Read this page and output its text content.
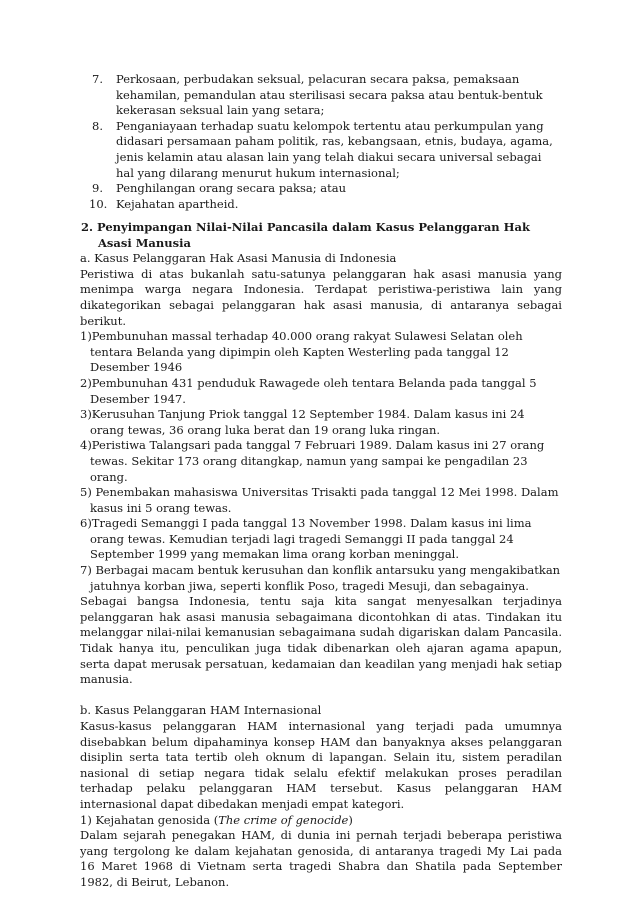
7.	Perkosaan, perbudakan seksual, pelacuran secara paksa, pemaksaan kehamilan, pemandulan atau sterilisasi secara paksa atau bentuk-bentuk kekerasan seksual lain yang setara;
8.	Penganiayaan terhadap suatu kelompok tertentu atau perkumpulan yang didasari persamaan paham politik, ras, kebangsaan, etnis, budaya, agama, jenis kelamin atau alasan lain yang telah diakui secara universal sebagai hal yang dilarang menurut hukum internasional;
9.	Penghilangan orang secara paksa; atau
10. Kejahatan apartheid.
2. Penyimpangan Nilai-Nilai Pancasila dalam Kasus Pelanggaran Hak
Asasi Manusia
a. Kasus Pelanggaran Hak Asasi Manusia di Indonesia
Peristiwa di atas bukanlah satu-satunya pelanggaran hak asasi manusia yang menimpa warga negara Indonesia. Terdapat peristiwa-peristiwa lain yang dikategorikan sebagai pelanggaran hak asasi manusia, di antaranya sebagai berikut.
1)Pembunuhan massal terhadap 40.000 orang rakyat Sulawesi Selatan oleh tentara Belanda yang dipimpin oleh Kapten Westerling pada tanggal 12 Desember 1946
2)Pembunuhan 431 penduduk Rawagede oleh tentara Belanda pada tanggal 5 Desember 1947.
3)Kerusuhan Tanjung Priok tanggal 12 September 1984. Dalam kasus ini 24 orang tewas, 36 orang luka berat dan 19 orang luka ringan.
4)Peristiwa Talangsari pada tanggal 7 Februari 1989. Dalam kasus ini 27 orang tewas. Sekitar 173 orang ditangkap, namun yang sampai ke pengadilan 23 orang.
5) Penembakan mahasiswa Universitas Trisakti pada tanggal 12 Mei 1998. Dalam kasus ini 5 orang tewas.
6)Tragedi Semanggi I pada tanggal 13 November 1998. Dalam kasus ini lima orang tewas. Kemudian terjadi lagi tragedi Semanggi II pada tanggal 24 September 1999 yang memakan lima orang korban meninggal.
7) Berbagai macam bentuk kerusuhan dan konflik antarsuku yang mengakibatkan jatuhnya korban jiwa, seperti konflik Poso, tragedi Mesuji, dan sebagainya.
Sebagai bangsa Indonesia, tentu saja kita sangat menyesalkan terjadinya pelanggaran hak asasi manusia sebagaimana dicontohkan di atas. Tindakan itu melanggar nilai-nilai kemanusian sebagaimana sudah digariskan dalam Pancasila. Tidak hanya itu, penculikan juga tidak dibenarkan oleh ajaran agama apapun, serta dapat merusak persatuan, kedamaian dan keadilan yang menjadi hak setiap manusia.
b. Kasus Pelanggaran HAM Internasional
Kasus-kasus pelanggaran HAM internasional yang terjadi pada umumnya disebabkan belum dipahaminya konsep HAM dan banyaknya akses pelanggaran disiplin serta tata tertib oleh oknum di lapangan. Selain itu, sistem peradilan nasional di setiap negara tidak selalu efektif melakukan proses peradilan terhadap pelaku pelanggaran HAM tersebut. Kasus pelanggaran HAM internasional dapat dibedakan menjadi empat kategori.
1) Kejahatan genosida (The crime of genocide)
Dalam sejarah penegakan HAM, di dunia ini pernah terjadi beberapa peristiwa yang tergolong ke dalam kejahatan genosida, di antaranya tragedi My Lai pada 16 Maret 1968 di Vietnam serta tragedi Shabra dan Shatila pada September 1982, di Beirut, Lebanon.
